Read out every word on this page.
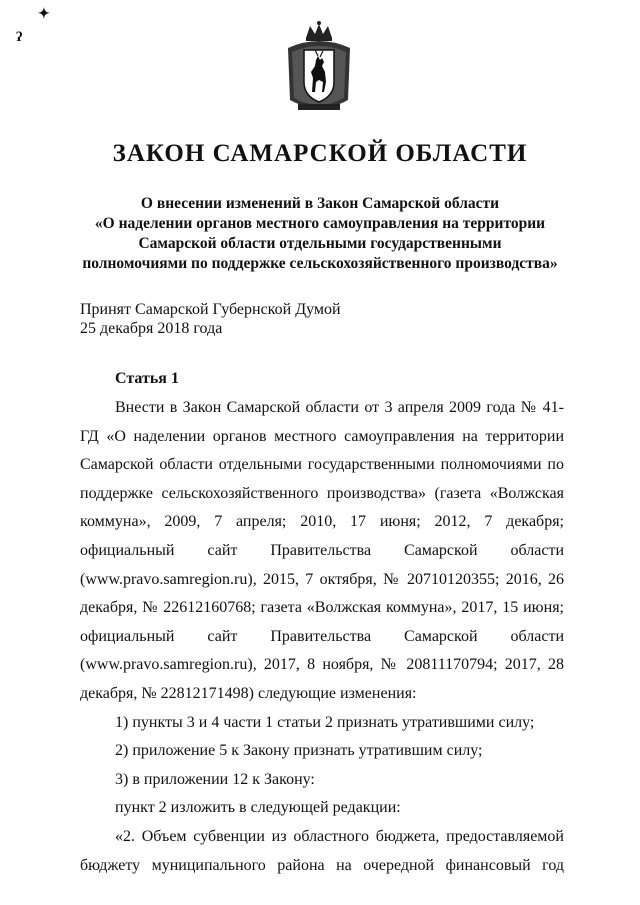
✦
ʔ
ЗАКОН САМАРСКОЙ ОБЛАСТИ
О внесении изменений в Закон Самарской области
«О наделении органов местного самоуправления на территории
Самарской области отдельными государственными
полномочиями по поддержке сельскохозяйственного производства»
Принят Самарской Губернской Думой
25 декабря 2018 года
Статья 1

Внести в Закон Самарской области от 3 апреля 2009 года № 41-ГД «О наделении органов местного самоуправления на территории Самарской области отдельными государственными полномочиями по поддержке сельскохозяйственного производства» (газета «Волжская коммуна», 2009, 7 апреля; 2010, 17 июня; 2012, 7 декабря; официальный сайт Правительства Самарской области (www.pravo.samregion.ru), 2015, 7 октября, № 20710120355; 2016, 26 декабря, № 22612160768; газета «Волжская коммуна», 2017, 15 июня; официальный сайт Правительства Самарской области (www.pravo.samregion.ru), 2017, 8 ноября, № 20811170794; 2017, 28 декабря, № 22812171498) следующие изменения:

1) пункты 3 и 4 части 1 статьи 2 признать утратившими силу;

2) приложение 5 к Закону признать утратившим силу;

3) в приложении 12 к Закону:

пункт 2 изложить в следующей редакции:

«2. Объем субвенции из областного бюджета, предоставляемой бюджету муниципального района на очередной финансовый год
